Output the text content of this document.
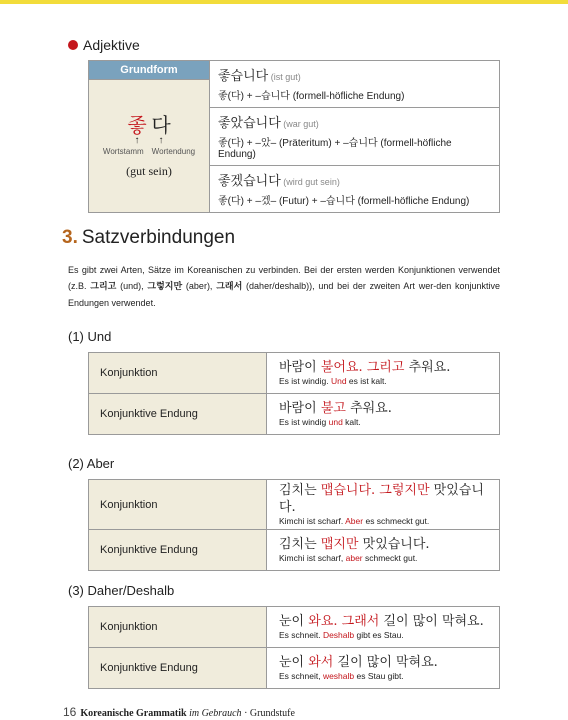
Adjektive
Grundform	좋습니다 (ist gut)
좋(다) + –습니다 (formell-höfliche Endung)

좋 다
↑ ↑
Wortstamm Wortendung
(gut sein)

좋았습니다 (war gut)
좋(다) + –았– (Präteritum) + –습니다 (formell-höfliche Endung)

좋겠습니다 (wird gut sein)
좋(다) + –겠– (Futur) + –습니다 (formell-höfliche Endung)
3. Satzverbindungen
Es gibt zwei Arten, Sätze im Koreanischen zu verbinden. Bei der ersten werden Konjunktionen verwendet (z.B. 그리고 (und), 그렇지만 (aber), 그래서 (daher/deshalb)), und bei der zweiten Art wer-den konjunktive Endungen verwendet.
(1) Und
Konjunktion	바람이 불어요. 그리고 추워요.
Es ist windig. Und es ist kalt.

Konjunktive Endung	바람이 불고 추워요.
Es ist windig und kalt.
(2) Aber
Konjunktion	김치는 맵습니다. 그렇지만 맛있습니다.
Kimchi ist scharf. Aber es schmeckt gut.

Konjunktive Endung	김치는 맵지만 맛있습니다.
Kimchi ist scharf, aber schmeckt gut.
(3) Daher/Deshalb
Konjunktion	눈이 와요. 그래서 길이 많이 막혀요.
Es schneit. Deshalb gibt es Stau.

Konjunktive Endung	눈이 와서 길이 많이 막혀요.
Es schneit, weshalb es Stau gibt.
16 Koreanische Grammatik im Gebrauch · Grundstufe
